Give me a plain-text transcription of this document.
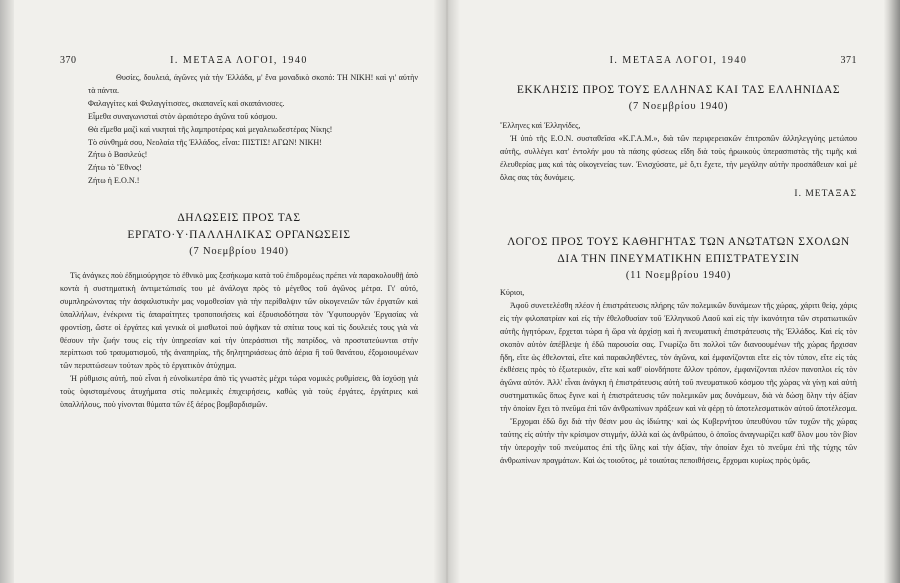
370	Ι. ΜΕΤΑΞΑ ΛΟΓΟΙ, 1940

Θυσίες, δουλειά, άγῶνες γιὰ τὴν Ἑλλάδα, μ' ἕνα μοναδικὸ σκοπό: ΤΗ ΝΙΚΗ! καὶ γι' αὐτὴν τὰ πάντα.

Φαλαγγίτες καὶ Φαλαγγίτισσες, σκαπανεῖς καὶ σκαπάνισσες.

Εἶμεθα συναγωνισταὶ στὸν ὡραιότερο ἀγῶνα τοῦ κόσμου.

Θὰ εἴμεθα μαζὶ καὶ νικηταὶ τῆς λαμπροτέρας καὶ μεγαλειωδεστέρας Νίκης!

Τὸ σύνθημά σου, Νεολαία τῆς Ἑλλάδος, εἶναι: ΠΙΣΤΙΣ! ΑΓΩΝ! ΝΙΚΗ!

Ζήτω ὁ Βασιλεύς!

Ζήτω τὸ Ἔθνος!

Ζήτω ἡ Ε.Ο.Ν.!

ΔΗΛΩΣΕΙΣ ΠΡΟΣ ΤΑΣ
ΕΡΓΑΤΟ·Υ·ΠΑΛΛΗΛΙΚΑΣ ΟΡΓΑΝΩΣΕΙΣ
(7 Νοεμβρίου 1940)

Τὶς ἀνάγκες ποὺ ἐδημιούργησε τὸ ἐθνικὸ μας ξεσήκωμα κατὰ τοῦ ἐπιδρομέως πρέπει νὰ παρακολουθῇ ἀπὸ κοντὰ ἡ συστηματικὴ ἀντιμετώπισίς του μὲ ἀνάλογα πρὸς τὸ μέγεθος τοῦ ἀγῶνος μέτρα. Γι' αὐτό, συμπληρώνοντας τὴν ἀσφαλιστικὴν μας νομοθεσίαν γιὰ τὴν περίθαλψιν τῶν οἰκογενειῶν τῶν ἐργατῶν καὶ ὑπαλλήλων, ἐνέκρινα τὶς ἀπαραίτητες τροποποιήσεις καὶ ἐξουσιοδότησα τὸν Ὑφυπουργὸν Ἐργασίας νὰ φροντίσῃ, ὥστε οἱ ἐργάτες καὶ γενικὰ οἱ μισθωτοὶ ποὺ ἀφῆκαν τὰ σπίτια τους καὶ τὶς δουλειές τους γιὰ νὰ θέσουν τὴν ζωήν τους εἰς τὴν ὑπηρεσίαν καὶ τὴν ὑπεράσπισι τῆς πατρίδος, νὰ προστατεύωνται στὴν περίπτωσι τοῦ τραυματισμοῦ, τῆς ἀναπηρίας, τῆς δηλητηριάσεως ἀπὸ ἀέρια ἢ τοῦ θανάτου, ἐξομοιουμένων τῶν περιπτώσεων τούτων πρὸς τὸ ἐργατικὸν ἀτύχημα.

Ἡ ρύθμισις αὐτή, ποὺ εἶναι ἡ εὐνοϊκωτέρα ἀπὸ τὶς γνωστὲς μέχρι τώρα νομικὲς ρυθμίσεις, θὰ ἰσχύσῃ γιὰ τοὺς ὑφισταμένους ἀτυχήματα στὶς πολεμικὲς ἐπιχειρήσεις, καθὼς γιὰ τοὺς ἐργάτες, ἐργάτριες καὶ ὑπαλλήλους, ποὺ γίνονται θύματα τῶν ἐξ ἀέρος βομβαρδισμῶν.

Ι. ΜΕΤΑΞΑ ΛΟΓΟΙ, 1940	371
ΕΚΚΛΗΣΙΣ ΠΡΟΣ ΤΟΥΣ ΕΛΛΗΝΑΣ ΚΑΙ ΤΑΣ ΕΛΛΗΝΙΔΑΣ
(7 Νοεμβρίου 1940)

Ἕλληνες καὶ Ἑλληνίδες,

Ἡ ὑπὸ τῆς Ε.Ο.Ν. συσταθεῖσα «Κ.Γ.Α.Μ.», διὰ τῶν περιφερειακῶν ἐπιτροπῶν ἀλληλεγγύης μετώπου αὐτῆς, συλλέγει κατ' ἐντολήν μου τὰ πάσης φύσεως εἴδη διὰ τοὺς ἡρωικοὺς ὑπερασπιστὰς τῆς τιμῆς καὶ ἐλευθερίας μας καὶ τὰς οἰκογενείας των. Ἐνισχύσατε, μὲ ὅ,τι ἔχετε, τὴν μεγάλην αὐτὴν προσπάθειαν καὶ μὲ ὅλας σας τὰς δυνάμεις.

Ι. ΜΕΤΑΞΑΣ
ΛΟΓΟΣ ΠΡΟΣ ΤΟΥΣ ΚΑΘΗΓΗΤΑΣ ΤΩΝ ΑΝΩΤΑΤΩΝ ΣΧΟΛΩΝ
ΔΙΑ ΤΗΝ ΠΝΕΥΜΑΤΙΚΗΝ ΕΠΙΣΤΡΑΤΕΥΣΙΝ
(11 Νοεμβρίου 1940)

Κύριοι,

Ἀφοῦ συνετελέσθη πλέον ἡ ἐπιστράτευσις πλήρης τῶν πολεμικῶν δυνάμεων τῆς χώρας, χάριτι θείᾳ, χάρις εἰς τὴν φιλοπατρίαν καὶ εἰς τὴν ἐθελοθυσίαν τοῦ Ἑλληνικοῦ Λαοῦ καὶ εἰς τὴν ἱκανότητα τῶν στρατιωτικῶν αὐτῆς ἡγητόρων, ἔρχεται τώρα ἡ ὥρα νὰ ἀρχίσῃ καὶ ἡ πνευματικὴ ἐπιστράτευσις τῆς Ἑλλάδος. Καὶ εἰς τὸν σκοπὸν αὐτὸν ἀπέβλεψε ἡ ἐδῶ παρουσία σας. Γνωρίζω ὅτι πολλοὶ τῶν διανοουμένων τῆς χώρας ἤρχισαν ἤδη, εἴτε ὡς ἐθελονταί, εἴτε καὶ παρακληθέντες, τὸν ἀγῶνα, καὶ ἐμφανίζονται εἴτε εἰς τὸν τύπον, εἴτε εἰς τὰς ἐκθέσεις πρὸς τὸ ἐξωτερικόν, εἴτε καὶ καθ' οἱονδήποτε ἄλλον τρόπον, ἐμφανίζονται πλέον πανοπλοι εἰς τὸν ἀγῶνα αὐτόν. Ἀλλ' εἶναι ἀνάγκη ἡ ἐπιστράτευσις αὐτὴ τοῦ πνευματικοῦ κόσμου τῆς χώρας νὰ γίνῃ καὶ αὐτὴ συστηματικῶς ὅπως ἔγινε καὶ ἡ ἐπιστράτευσις τῶν πολεμικῶν μας δυνάμεων, διὰ νὰ δώσῃ ὅλην τὴν ἀξίαν τὴν ὁποίαν ἔχει τὸ πνεῦμα ἐπὶ τῶν ἀνθρωπίνων πράξεων καὶ νὰ φέρῃ τὸ ἀποτελεσματικὸν αὐτοῦ ἀποτέλεσμα.

Ἔρχομαι ἐδῶ ὄχι διὰ τὴν θέσιν μου ὡς ἰδιώτης· καὶ ὡς Κυβερνήτου ὑπευθύνου τῶν τυχῶν τῆς χώρας ταύτης εἰς αὐτὴν τὴν κρίσιμον στιγμήν, ἀλλὰ καὶ ὡς ἀνθρώπου, ὁ ὁποῖος ἀναγνωρίζει καθ' ὅλον μου τὸν βίον τὴν ὑπεροχὴν τοῦ πνεύματος ἐπὶ τῆς ὕλης καὶ τὴν ἀξίαν, τὴν ὁποίαν ἔχει τὸ πνεῦμα ἐπὶ τῆς τύχης τῶν ἀνθρωπίνων πραγμάτων. Καὶ ὡς τοιοῦτος, μὲ τοιαύτας πεποιθήσεις, ἔρχομαι κυρίως πρὸς ὑμᾶς.
